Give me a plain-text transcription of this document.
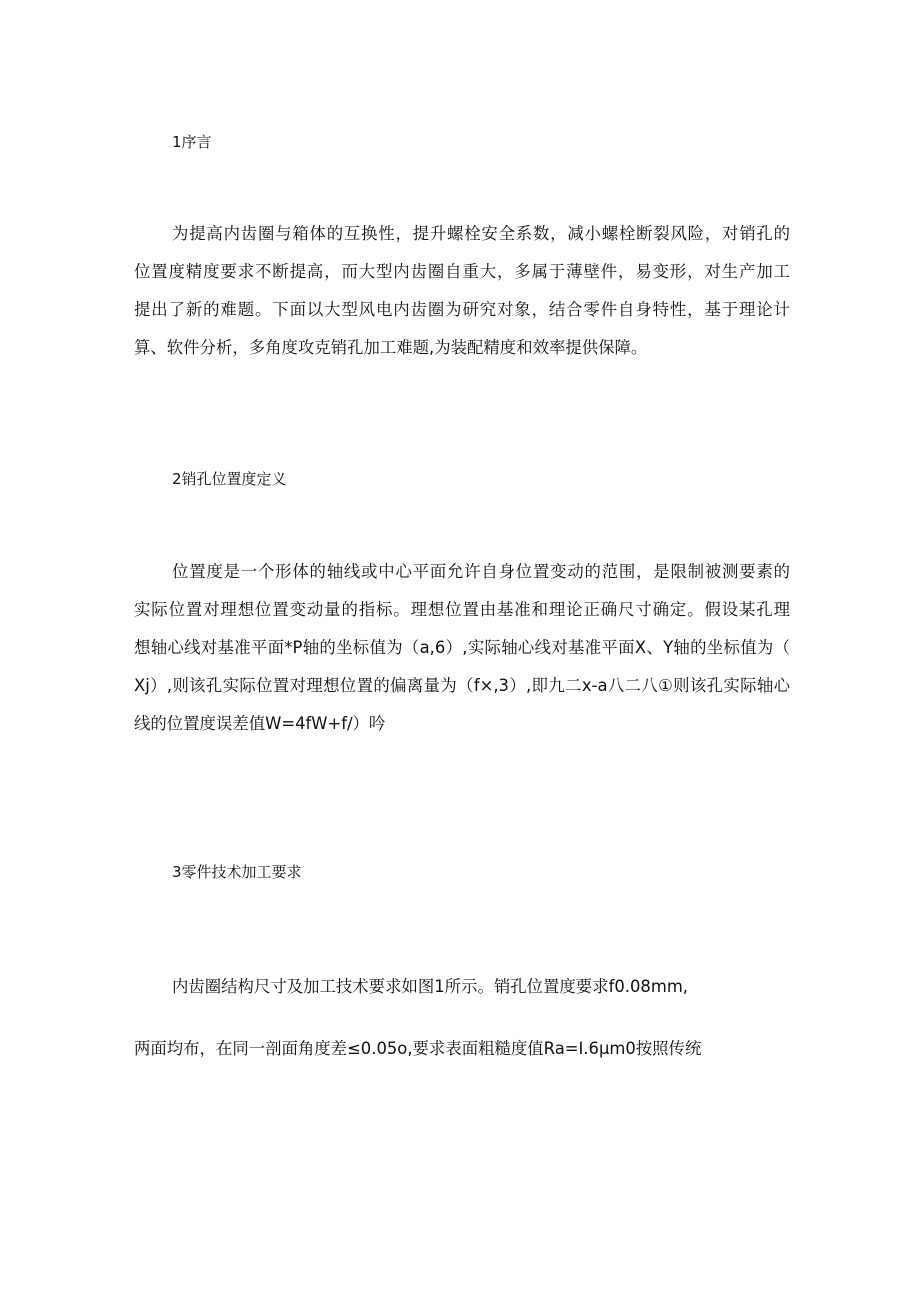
1序言
为提高内齿圈与箱体的互换性，提升螺栓安全系数，减小螺栓断裂风险，对销孔的
位置度精度要求不断提高，而大型内齿圈自重大，多属于薄壁件，易变形，对生产加工
提出了新的难题。下面以大型风电内齿圈为研究对象，结合零件自身特性，基于理论计
算、软件分析，多角度攻克销孔加工难题,为装配精度和效率提供保障。
2销孔位置度定义
位置度是一个形体的轴线或中心平面允许自身位置变动的范围，是限制被测要素的
实际位置对理想位置变动量的指标。理想位置由基准和理论正确尺寸确定。假设某孔理
想轴心线对基准平面*P轴的坐标值为（a,6）,实际轴心线对基准平面X、Y轴的坐标值为（
Xj）,则该孔实际位置对理想位置的偏离量为（f×,3）,即九二x-a八二八①则该孔实际轴心
线的位置度误差值W=4fW+f∕）吟
3零件技术加工要求
内齿圈结构尺寸及加工技术要求如图1所示。销孔位置度要求f0.08mm,
两面均布，在同一剖面角度差≤0.05o,要求表面粗糙度值Ra=I.6μm0按照传统
